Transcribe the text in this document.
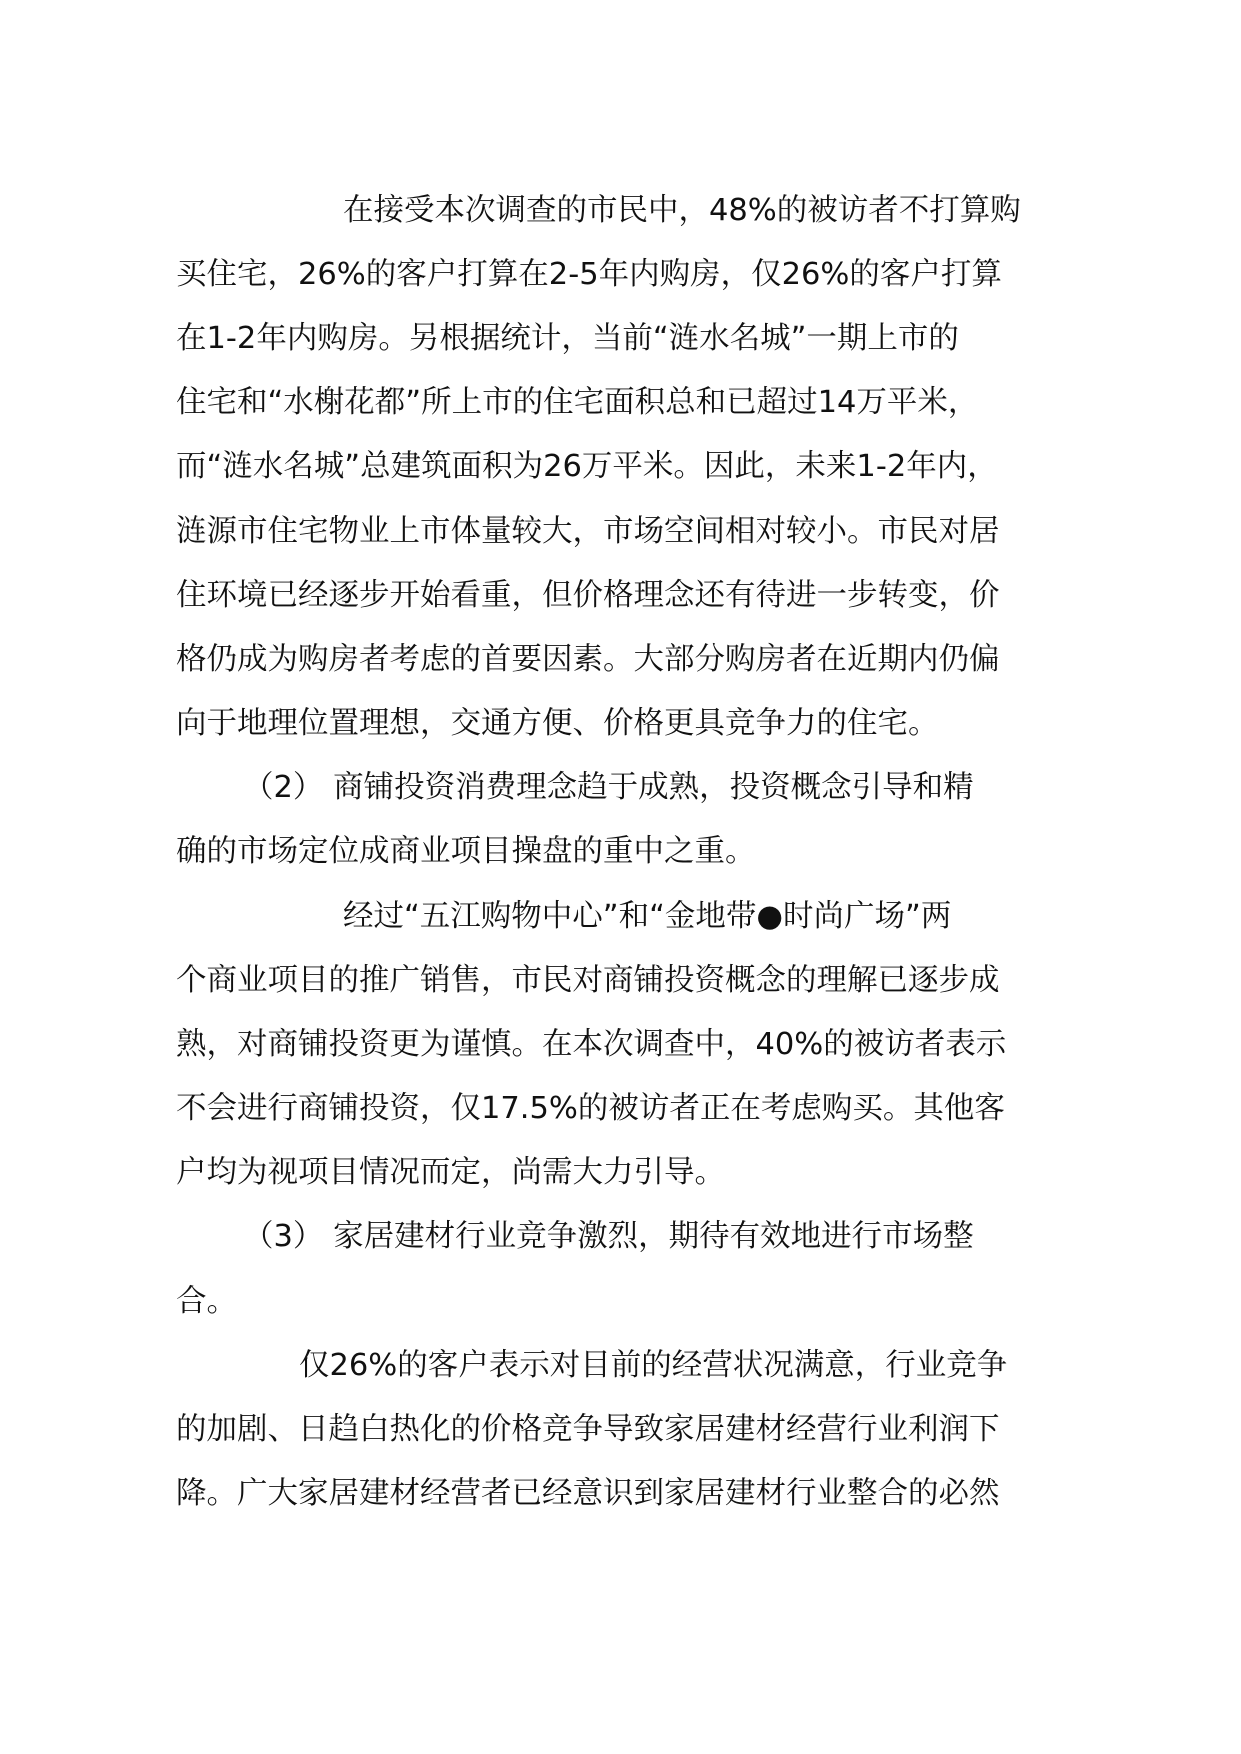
在接受本次调查的市民中，48%的被访者不打算购
买住宅，26%的客户打算在2-5年内购房，仅26%的客户打算
在1-2年内购房。另根据统计，当前“涟水名城”一期上市的
住宅和“水榭花都”所上市的住宅面积总和已超过14万平米，
而“涟水名城”总建筑面积为26万平米。因此，未来1-2年内，
涟源市住宅物业上市体量较大，市场空间相对较小。市民对居
住环境已经逐步开始看重，但价格理念还有待进一步转变，价
格仍成为购房者考虑的首要因素。大部分购房者在近期内仍偏
向于地理位置理想，交通方便、价格更具竞争力的住宅。
（2） 商铺投资消费理念趋于成熟，投资概念引导和精
确的市场定位成商业项目操盘的重中之重。
经过“五江购物中心”和“金地带●时尚广场”两
个商业项目的推广销售，市民对商铺投资概念的理解已逐步成
熟，对商铺投资更为谨慎。在本次调查中，40%的被访者表示
不会进行商铺投资，仅17.5%的被访者正在考虑购买。其他客
户均为视项目情况而定，尚需大力引导。
（3） 家居建材行业竞争激烈，期待有效地进行市场整
合。
仅26%的客户表示对目前的经营状况满意，行业竞争
的加剧、日趋白热化的价格竞争导致家居建材经营行业利润下
降。广大家居建材经营者已经意识到家居建材行业整合的必然
